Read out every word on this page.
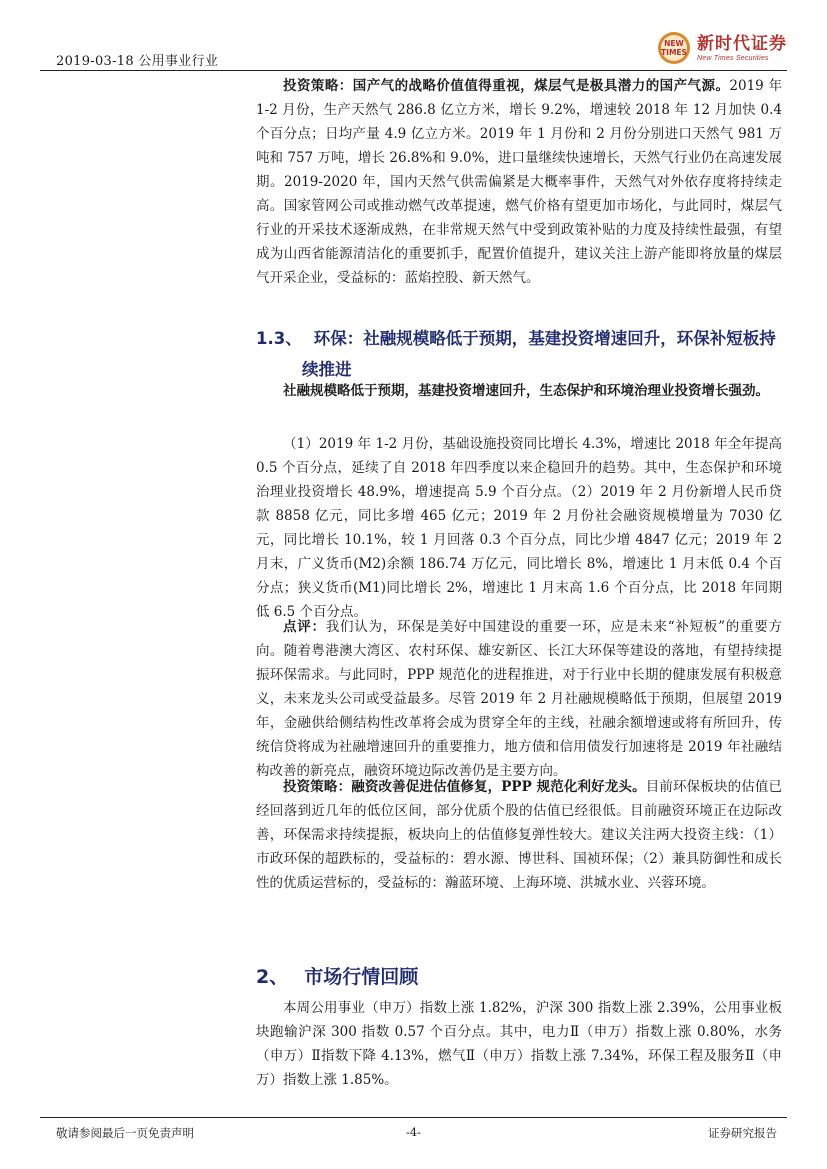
2019-03-18 公用事业行业
NEW
TIMES 新时代证券
New Times Securities
投资策略：国产气的战略价值值得重视，煤层气是极具潜力的国产气源。2019 年 1-2 月份，生产天然气 286.8 亿立方米，增长 9.2%，增速较 2018 年 12 月加快 0.4 个百分点；日均产量 4.9 亿立方米。2019 年 1 月份和 2 月份分别进口天然气 981 万吨和 757 万吨，增长 26.8%和 9.0%，进口量继续快速增长，天然气行业仍在高速发展期。2019-2020 年，国内天然气供需偏紧是大概率事件，天然气对外依存度将持续走高。国家管网公司或推动燃气改革提速，燃气价格有望更加市场化，与此同时，煤层气行业的开采技术逐渐成熟，在非常规天然气中受到政策补贴的力度及持续性最强，有望成为山西省能源清洁化的重要抓手，配置价值提升，建议关注上游产能即将放量的煤层气开采企业，受益标的：蓝焰控股、新天然气。
1.3、 环保：社融规模略低于预期，基建投资增速回升，环保补短板持
续推进
社融规模略低于预期，基建投资增速回升，生态保护和环境治理业投资增长强劲。
（1）2019 年 1-2 月份，基础设施投资同比增长 4.3%，增速比 2018 年全年提高 0.5 个百分点，延续了自 2018 年四季度以来企稳回升的趋势。其中，生态保护和环境治理业投资增长 48.9%，增速提高 5.9 个百分点。（2）2019 年 2 月份新增人民币贷款 8858 亿元，同比多增 465 亿元；2019 年 2 月份社会融资规模增量为 7030 亿元，同比增长 10.1%，较 1 月回落 0.3 个百分点，同比少增 4847 亿元；2019 年 2 月末，广义货币(M2)余额 186.74 万亿元，同比增长 8%，增速比 1 月末低 0.4 个百分点；狭义货币(M1)同比增长 2%，增速比 1 月末高 1.6 个百分点，比 2018 年同期低 6.5 个百分点。
点评：我们认为，环保是美好中国建设的重要一环，应是未来“补短板”的重要方向。随着粤港澳大湾区、农村环保、雄安新区、长江大环保等建设的落地，有望持续提振环保需求。与此同时，PPP 规范化的进程推进，对于行业中长期的健康发展有积极意义，未来龙头公司或受益最多。尽管 2019 年 2 月社融规模略低于预期，但展望 2019 年，金融供给侧结构性改革将会成为贯穿全年的主线，社融余额增速或将有所回升，传统信贷将成为社融增速回升的重要推力，地方债和信用债发行加速将是 2019 年社融结构改善的新亮点，融资环境边际改善仍是主要方向。
投资策略：融资改善促进估值修复，PPP 规范化利好龙头。目前环保板块的估值已经回落到近几年的低位区间，部分优质个股的估值已经很低。目前融资环境正在边际改善，环保需求持续提振，板块向上的估值修复弹性较大。建议关注两大投资主线：（1）市政环保的超跌标的，受益标的：碧水源、博世科、国祯环保；（2）兼具防御性和成长性的优质运营标的，受益标的：瀚蓝环境、上海环境、洪城水业、兴蓉环境。
2、 市场行情回顾
本周公用事业（申万）指数上涨 1.82%，沪深 300 指数上涨 2.39%，公用事业板块跑输沪深 300 指数 0.57 个百分点。其中，电力Ⅱ（申万）指数上涨 0.80%，水务（申万）Ⅱ指数下降 4.13%，燃气Ⅱ（申万）指数上涨 7.34%，环保工程及服务Ⅱ（申万）指数上涨 1.85%。
敬请参阅最后一页免责声明	-4-	证券研究报告
